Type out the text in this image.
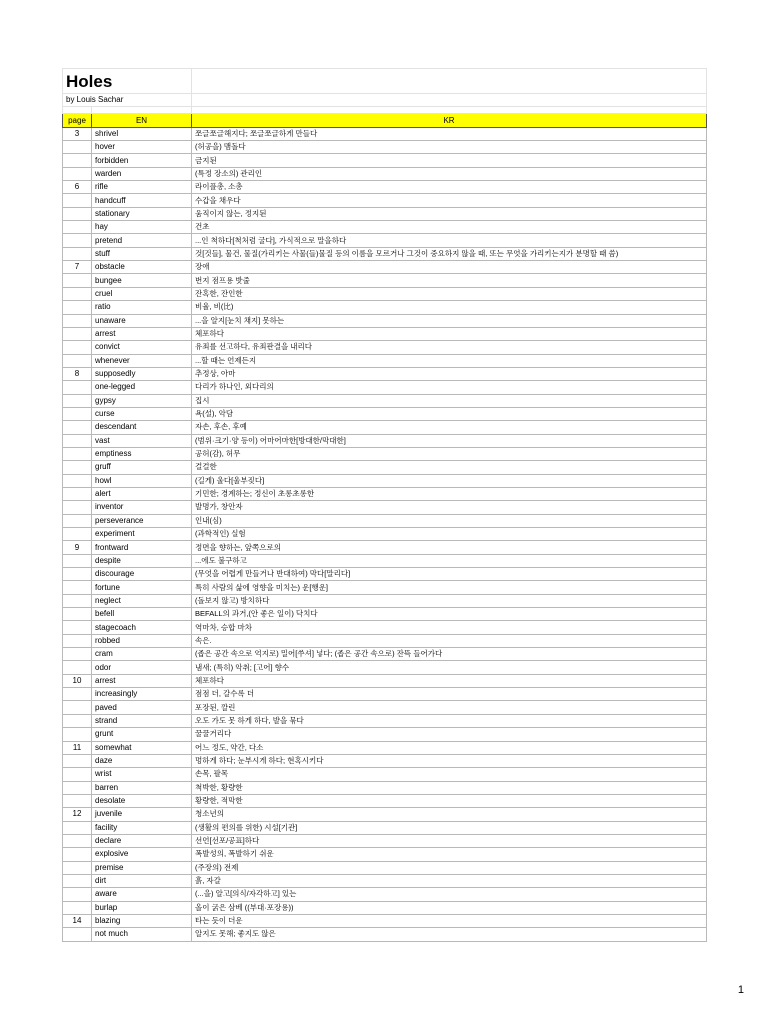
Holes		
by Louis Sachar		

page	EN	KR
3	shrivel	쪼글쪼글해지다; 쪼글쪼글하게 만들다
	hover	(허공을) 맴돌다
	forbidden	금지된
	warden	(특정 장소의) 관리인
6	rifle	라이플총, 소총
	handcuff	수갑을 채우다
	stationary	움직이지 않는, 정지된
	hay	건초
	pretend	...인 척하다[척처럼 굴다], 가식적으로 말을하다
	stuff	것[것들], 물건, 물질(가리키는 사물(들)물질 등의 이름을 모르거나 그것이 중요하지 않을 때, 또는 무엇을 가리키는지가 분명할 때 씀)
7	obstacle	장애
	bungee	번지 점프용 밧줄
	cruel	잔혹한, 잔인한
	ratio	비율, 비(比)
	unaware	...을 알지[눈치 채지] 못하는
	arrest	체포하다
	convict	유죄를 선고하다, 유죄판결을 내리다
	whenever	...할 때는 언제든지
8	supposedly	추정상, 아마
	one-legged	다리가 하나인, 외다리의
	gypsy	집시
	curse	욕(설), 악담
	descendant	자손, 후손, 후예
	vast	(범위·크기·양 등이) 어마어마한[방대한/막대한]
	emptiness	공허(감), 허무
	gruff	걸걸한
	howl	(길게) 울다[울부짖다]
	alert	기민한; 경계하는; 정신이 초롱초롱한
	inventor	발명가, 창안자
	perseverance	인내(심)
	experiment	(과학적인) 실험
9	frontward	정면을 향하는, 앞쪽으로의
	despite	...에도 불구하고
	discourage	(무엇을 어렵게 만들거나 반대하여) 막다[말리다]
	fortune	특히 사람의 삶에 영향을 미치는) 운[행운]
	neglect	(돌보지 않고) 방치하다
	befell	BEFALL의 과거,(안 좋은 일이) 닥치다
	stagecoach	역마차, 승합 마차
	robbed	속은.
	cram	(좁은 공간 속으로 억지로) 밀어[쑤셔] 넣다; (좁은 공간 속으로) 잔뜩 들어가다
	odor	냄새; (특히) 악취; [고어] 향수
10	arrest	체포하다
	increasingly	점점 더, 갈수록 더
	paved	포장된, 깔린
	strand	오도 가도 못 하게 하다, 발을 묶다
	grunt	꿀꿀거리다
11	somewhat	어느 정도, 약간, 다소
	daze	멍하게 하다; 눈부시게 하다; 현혹시키다
	wrist	손목, 팔목
	barren	척박한, 황량한
	desolate	황량한, 적막한
12	juvenile	청소년의
	facility	(생활의 편의를 위한) 시설[기관]
	declare	선언[선포/공표]하다
	explosive	폭발성의, 폭발하기 쉬운
	premise	(주장의) 전제
	dirt	흙, 자갈
	aware	(...을) 알고[의식/자각하고] 있는
	burlap	올이 굵은 삼베 ((부대·포장용))
14	blazing	타는 듯이 더운
	not much	알지도 못해; 좋지도 않은
1
